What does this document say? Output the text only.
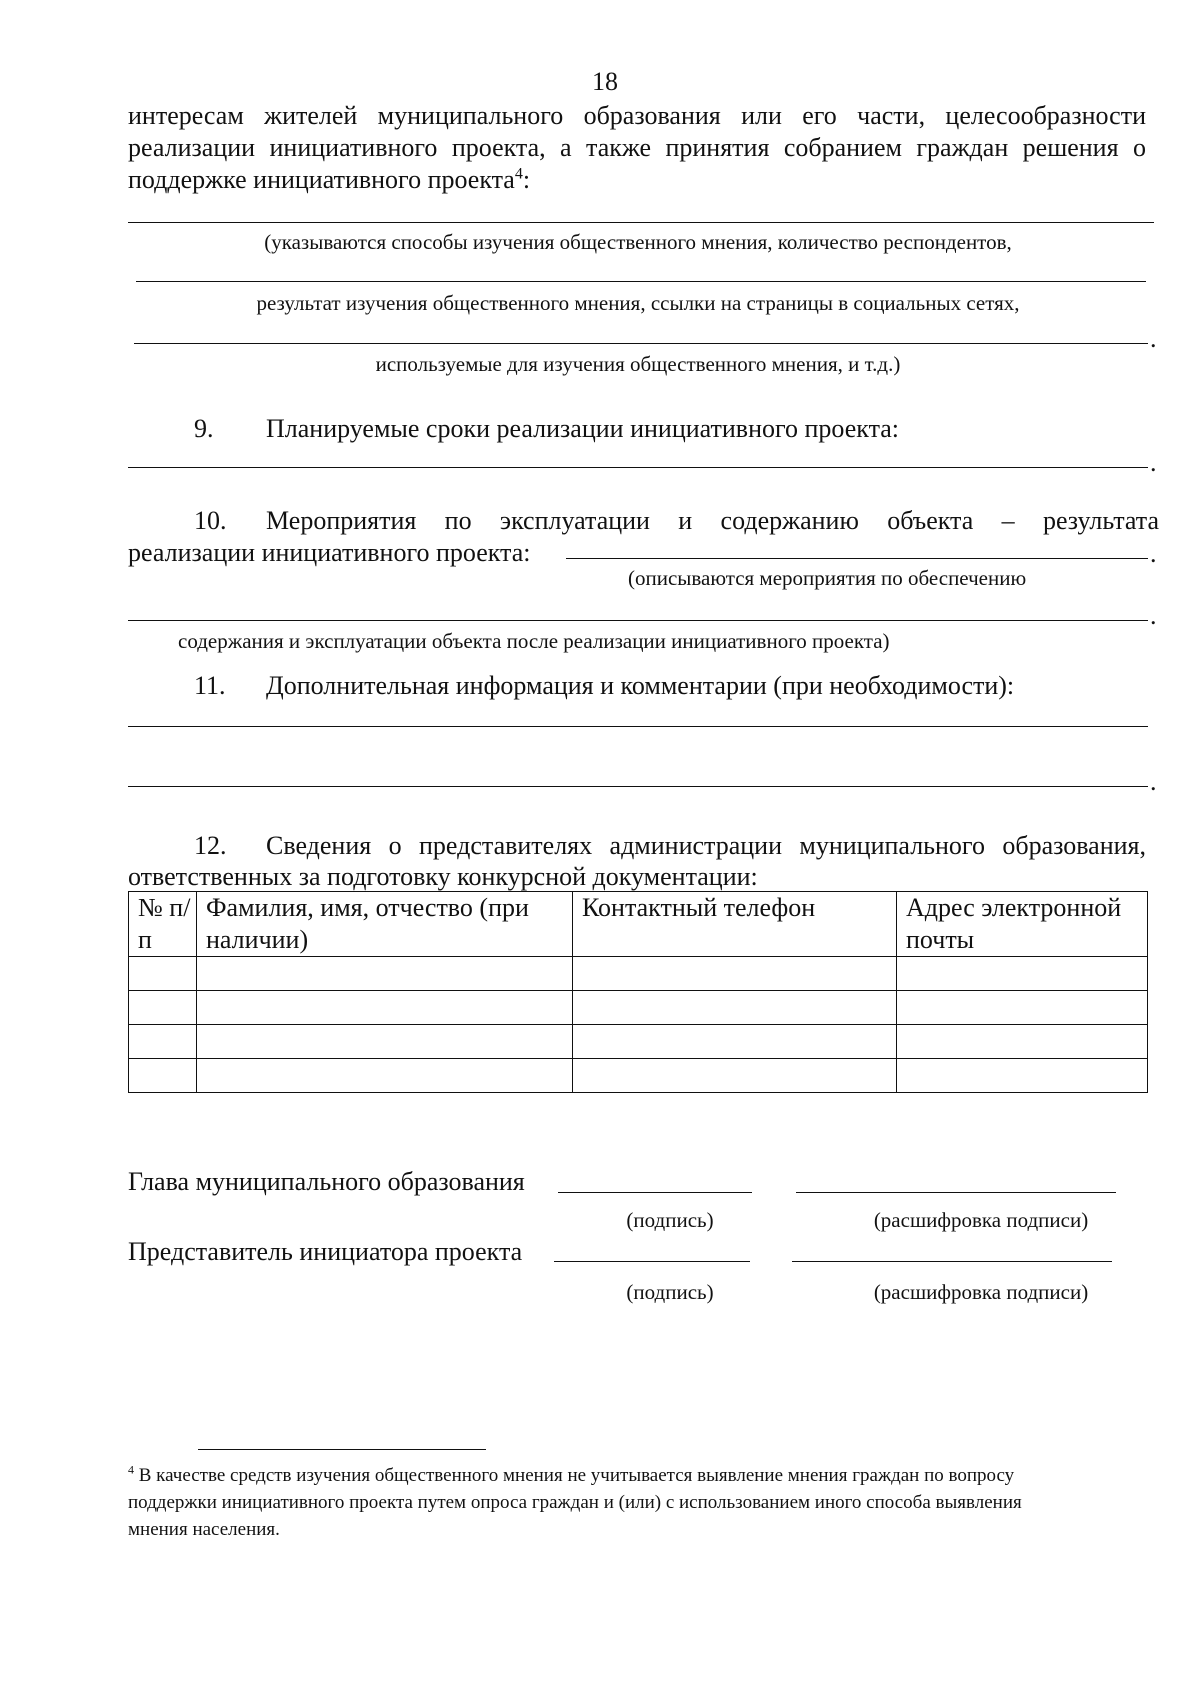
18
интересам жителей муниципального образования или его части, целесообразности
реализации инициативного проекта, а также принятия собранием граждан решения о
поддержке инициативного проекта$^4$:
(указываются способы изучения общественного мнения, количество респондентов,
результат изучения общественного мнения, ссылки на страницы в социальных сетях,
.
используемые для изучения общественного мнения, и т.д.)
9. Планируемые сроки реализации инициативного проекта:
.
10. Мероприятия по эксплуатации и содержанию объекта – результата
реализации инициативного проекта:	.
(описываются мероприятия по обеспечению
.
содержания и эксплуатации объекта после реализации инициативного проекта)
11. Дополнительная информация и комментарии (при необходимости):
.
12. Сведения о представителях администрации муниципального образования,
ответственных за подготовку конкурсной документации:
№ п/п	Фамилия, имя, отчество (при наличии)	Контактный телефон	Адрес электронной почты

Глава муниципального образования
(подпись)	(расшифровка подписи)
Представитель инициатора проекта
(подпись)	(расшифровка подписи)
$^4$ В качестве средств изучения общественного мнения не учитывается выявление мнения граждан по вопросу
поддержки инициативного проекта путем опроса граждан и (или) с использованием иного способа выявления
мнения населения.
